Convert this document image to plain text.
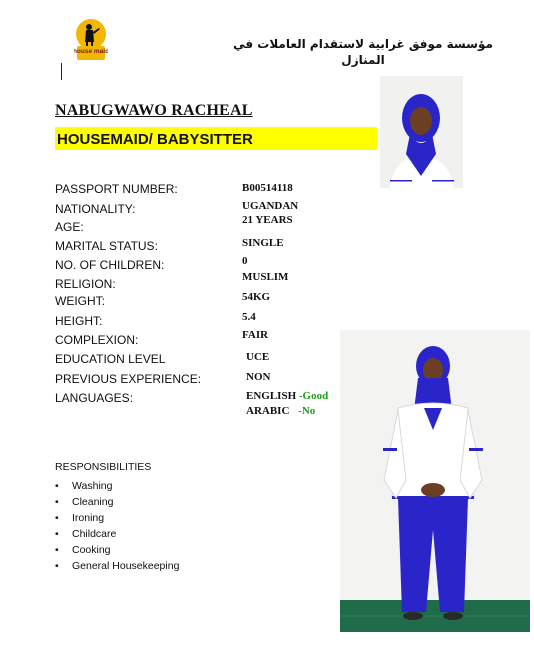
house maid
مؤسسة موفق غرابية لاستقدام العاملات في المنازل
NABUGWAWO RACHEAL
HOUSEMAID/ BABYSITTER
PASSPORT NUMBER:	B00514118
NATIONALITY:	UGANDAN
AGE:	21 YEARS
MARITAL STATUS:	SINGLE
NO. OF CHILDREN:	0
RELIGION:	MUSLIM
WEIGHT:	54KG
HEIGHT:	5.4
COMPLEXION:	FAIR
EDUCATION LEVEL	UCE
PREVIOUS EXPERIENCE:	NON
LANGUAGES:	ENGLISH -Good
ARABIC -No
RESPONSIBILITIES
• Washing
• Cleaning
• Ironing
• Childcare
• Cooking
• General Housekeeping
